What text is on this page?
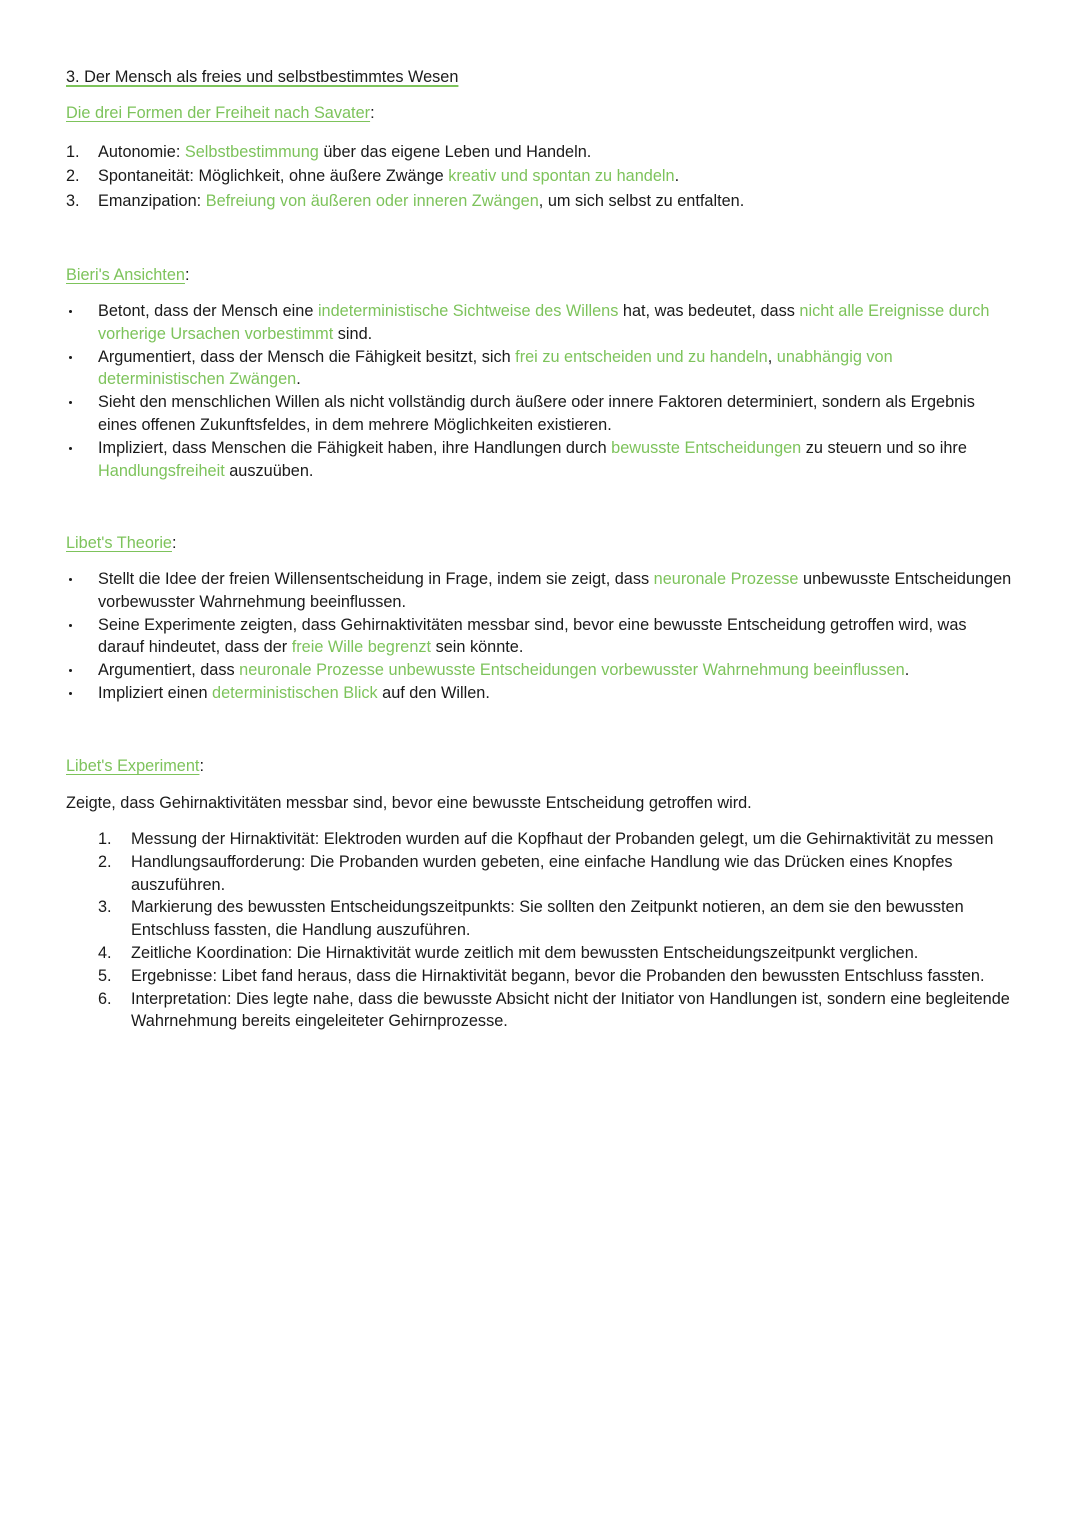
3. Der Mensch als freies und selbstbestimmtes Wesen
Die drei Formen der Freiheit nach Savater:
1. Autonomie: Selbstbestimmung über das eigene Leben und Handeln.
2. Spontaneität: Möglichkeit, ohne äußere Zwänge kreativ und spontan zu handeln.
3. Emanzipation: Befreiung von äußeren oder inneren Zwängen, um sich selbst zu entfalten.
Bieri's Ansichten:
Betont, dass der Mensch eine indeterministische Sichtweise des Willens hat, was bedeutet, dass nicht alle Ereignisse durch vorherige Ursachen vorbestimmt sind.
Argumentiert, dass der Mensch die Fähigkeit besitzt, sich frei zu entscheiden und zu handeln, unabhängig von deterministischen Zwängen.
Sieht den menschlichen Willen als nicht vollständig durch äußere oder innere Faktoren determiniert, sondern als Ergebnis eines offenen Zukunftsfeldes, in dem mehrere Möglichkeiten existieren.
Impliziert, dass Menschen die Fähigkeit haben, ihre Handlungen durch bewusste Entscheidungen zu steuern und so ihre Handlungsfreiheit auszuüben.
Libet's Theorie:
Stellt die Idee der freien Willensentscheidung in Frage, indem sie zeigt, dass neuronale Prozesse unbewusste Entscheidungen vorbewusster Wahrnehmung beeinflussen.
Seine Experimente zeigten, dass Gehirnaktivitäten messbar sind, bevor eine bewusste Entscheidung getroffen wird, was darauf hindeutet, dass der freie Wille begrenzt sein könnte.
Argumentiert, dass neuronale Prozesse unbewusste Entscheidungen vorbewusster Wahrnehmung beeinflussen.
Impliziert einen deterministischen Blick auf den Willen.
Libet's Experiment:

Zeigte, dass Gehirnaktivitäten messbar sind, bevor eine bewusste Entscheidung getroffen wird.

1. Messung der Hirnaktivität: Elektroden wurden auf die Kopfhaut der Probanden gelegt, um die Gehirnaktivität zu messen
2. Handlungsaufforderung: Die Probanden wurden gebeten, eine einfache Handlung wie das Drücken eines Knopfes auszuführen.
3. Markierung des bewussten Entscheidungszeitpunkts: Sie sollten den Zeitpunkt notieren, an dem sie den bewussten Entschluss fassten, die Handlung auszuführen.
4. Zeitliche Koordination: Die Hirnaktivität wurde zeitlich mit dem bewussten Entscheidungszeitpunkt verglichen.
5. Ergebnisse: Libet fand heraus, dass die Hirnaktivität begann, bevor die Probanden den bewussten Entschluss fassten.
6. Interpretation: Dies legte nahe, dass die bewusste Absicht nicht der Initiator von Handlungen ist, sondern eine begleitende Wahrnehmung bereits eingeleiteter Gehirnprozesse.
